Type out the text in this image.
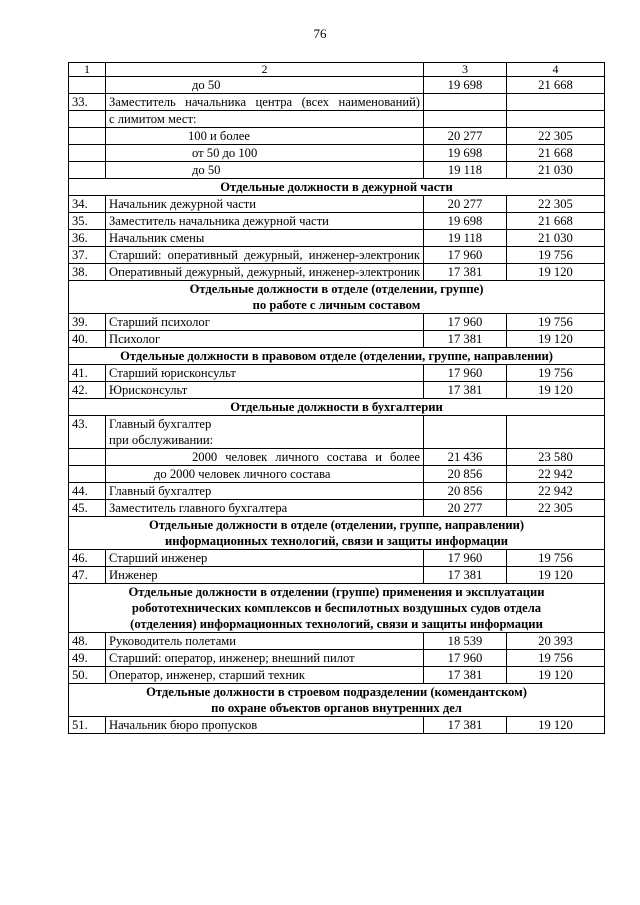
76
1	2	3	4

	до 50	19 698	21 668
33.	Заместитель начальника центра (всех наименований)		

	с лимитом мест:		

	100 и более	20 277	22 305

	от 50 до 100	19 698	21 668

	до 50	19 118	21 030

Отдельные должности в дежурной части			

34.	Начальник дежурной части	20 277	22 305
35.	Заместитель начальника дежурной части	19 698	21 668
36.	Начальник смены	19 118	21 030
37.	Старший: оперативный дежурный, инженер-электроник	17 960	19 756
38.	Оперативный дежурный, дежурный, инженер-электроник	17 381	19 120

Отдельные должности в отделе (отделении, группе)
по работе с личным составом			

39.	Старший психолог	17 960	19 756
40.	Психолог	17 381	19 120

Отдельные должности в правовом отделе (отделении, группе, направлении)			

41.	Старший юрисконсульт	17 960	19 756
42.	Юрисконсульт	17 381	19 120

Отдельные должности в бухгалтерии			

43.	Главный бухгалтер
при обслуживании:		

	2000 человек личного состава и более	21 436	23 580

	до 2000 человек личного состава	20 856	22 942
44.	Главный бухгалтер	20 856	22 942
45.	Заместитель главного бухгалтера	20 277	22 305

Отдельные должности в отделе (отделении, группе, направлении)
информационных технологий, связи и защиты информации			

46.	Старший инженер	17 960	19 756
47.	Инженер	17 381	19 120

Отдельные должности в отделении (группе) применения и эксплуатации
робототехнических комплексов и беспилотных воздушных судов отдела
(отделения) информационных технологий, связи и защиты информации			

48.	Руководитель полетами	18 539	20 393
49.	Старший: оператор, инженер; внешний пилот	17 960	19 756
50.	Оператор, инженер, старший техник	17 381	19 120

Отдельные должности в строевом подразделении (комендантском)
по охране объектов органов внутренних дел			

51.	Начальник бюро пропусков	17 381	19 120
